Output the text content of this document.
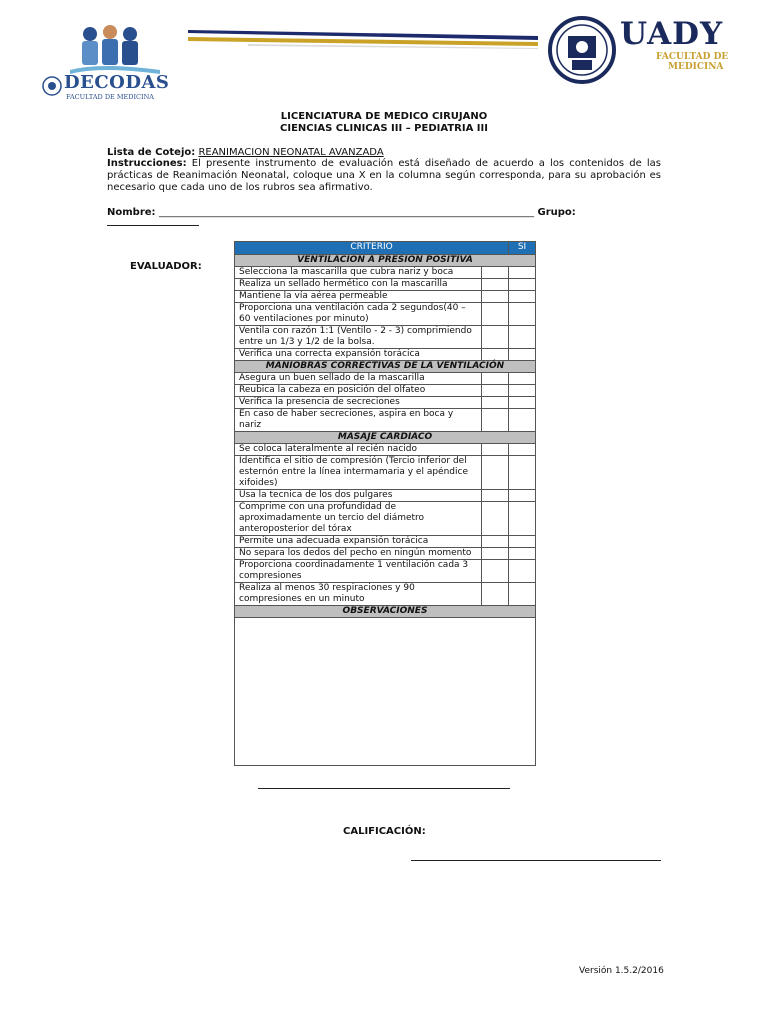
DECODAS
FACULTAD DE MEDICINA
UADY
FACULTAD DE
MEDICINA
LICENCIATURA DE MEDICO CIRUJANO
CIENCIAS CLINICAS III – PEDIATRIA III
Lista de Cotejo: REANIMACION NEONATAL AVANZADA
Instrucciones: El presente instrumento de evaluación está diseñado de acuerdo a los contenidos de las prácticas de Reanimación Neonatal, coloque una X en la columna según corresponda, para su aprobación es necesario que cada uno de los rubros sea afirmativo.
Nombre: ___________________________________________________________________________ Grupo:
EVALUADOR:
CRITERIO		SI
VENTILACION A PRESION POSITIVA		
Selecciona la mascarilla que cubra nariz y boca		
Realiza un sellado hermético con la mascarilla		
Mantiene la vía aérea permeable		
Proporciona una ventilación cada 2 segundos(40 – 60 ventilaciones por minuto)		
Ventila con razón 1:1 (Ventilo - 2 - 3) comprimiendo entre un 1/3 y 1/2 de la bolsa.		
Verifica una correcta expansión torácica		
MANIOBRAS CORRECTIVAS DE LA VENTILACIÓN		
Asegura un buen sellado de la mascarilla		
Reubica la cabeza en posición del olfateo		
Verifica la presencia de secreciones		
En caso de haber secreciones, aspira en boca y nariz		
MASAJE CARDIACO		
Se coloca lateralmente al recién nacido		
Identifica el sitio de compresión (Tercio inferior del esternón entre la línea intermamaria y el apéndice xifoides)		
Usa la tecnica de los dos pulgares		
Comprime con una profundidad de aproximadamente un tercio del diámetro anteroposterior del tórax		
Permite una adecuada expansión torácica		
No separa los dedos del pecho en ningún momento		
Proporciona coordinadamente 1 ventilación cada 3 compresiones		
Realiza al menos 30 respiraciones y 90 compresiones en un minuto		
OBSERVACIONES		

CALIFICACIÓN:
Versión 1.5.2/2016
